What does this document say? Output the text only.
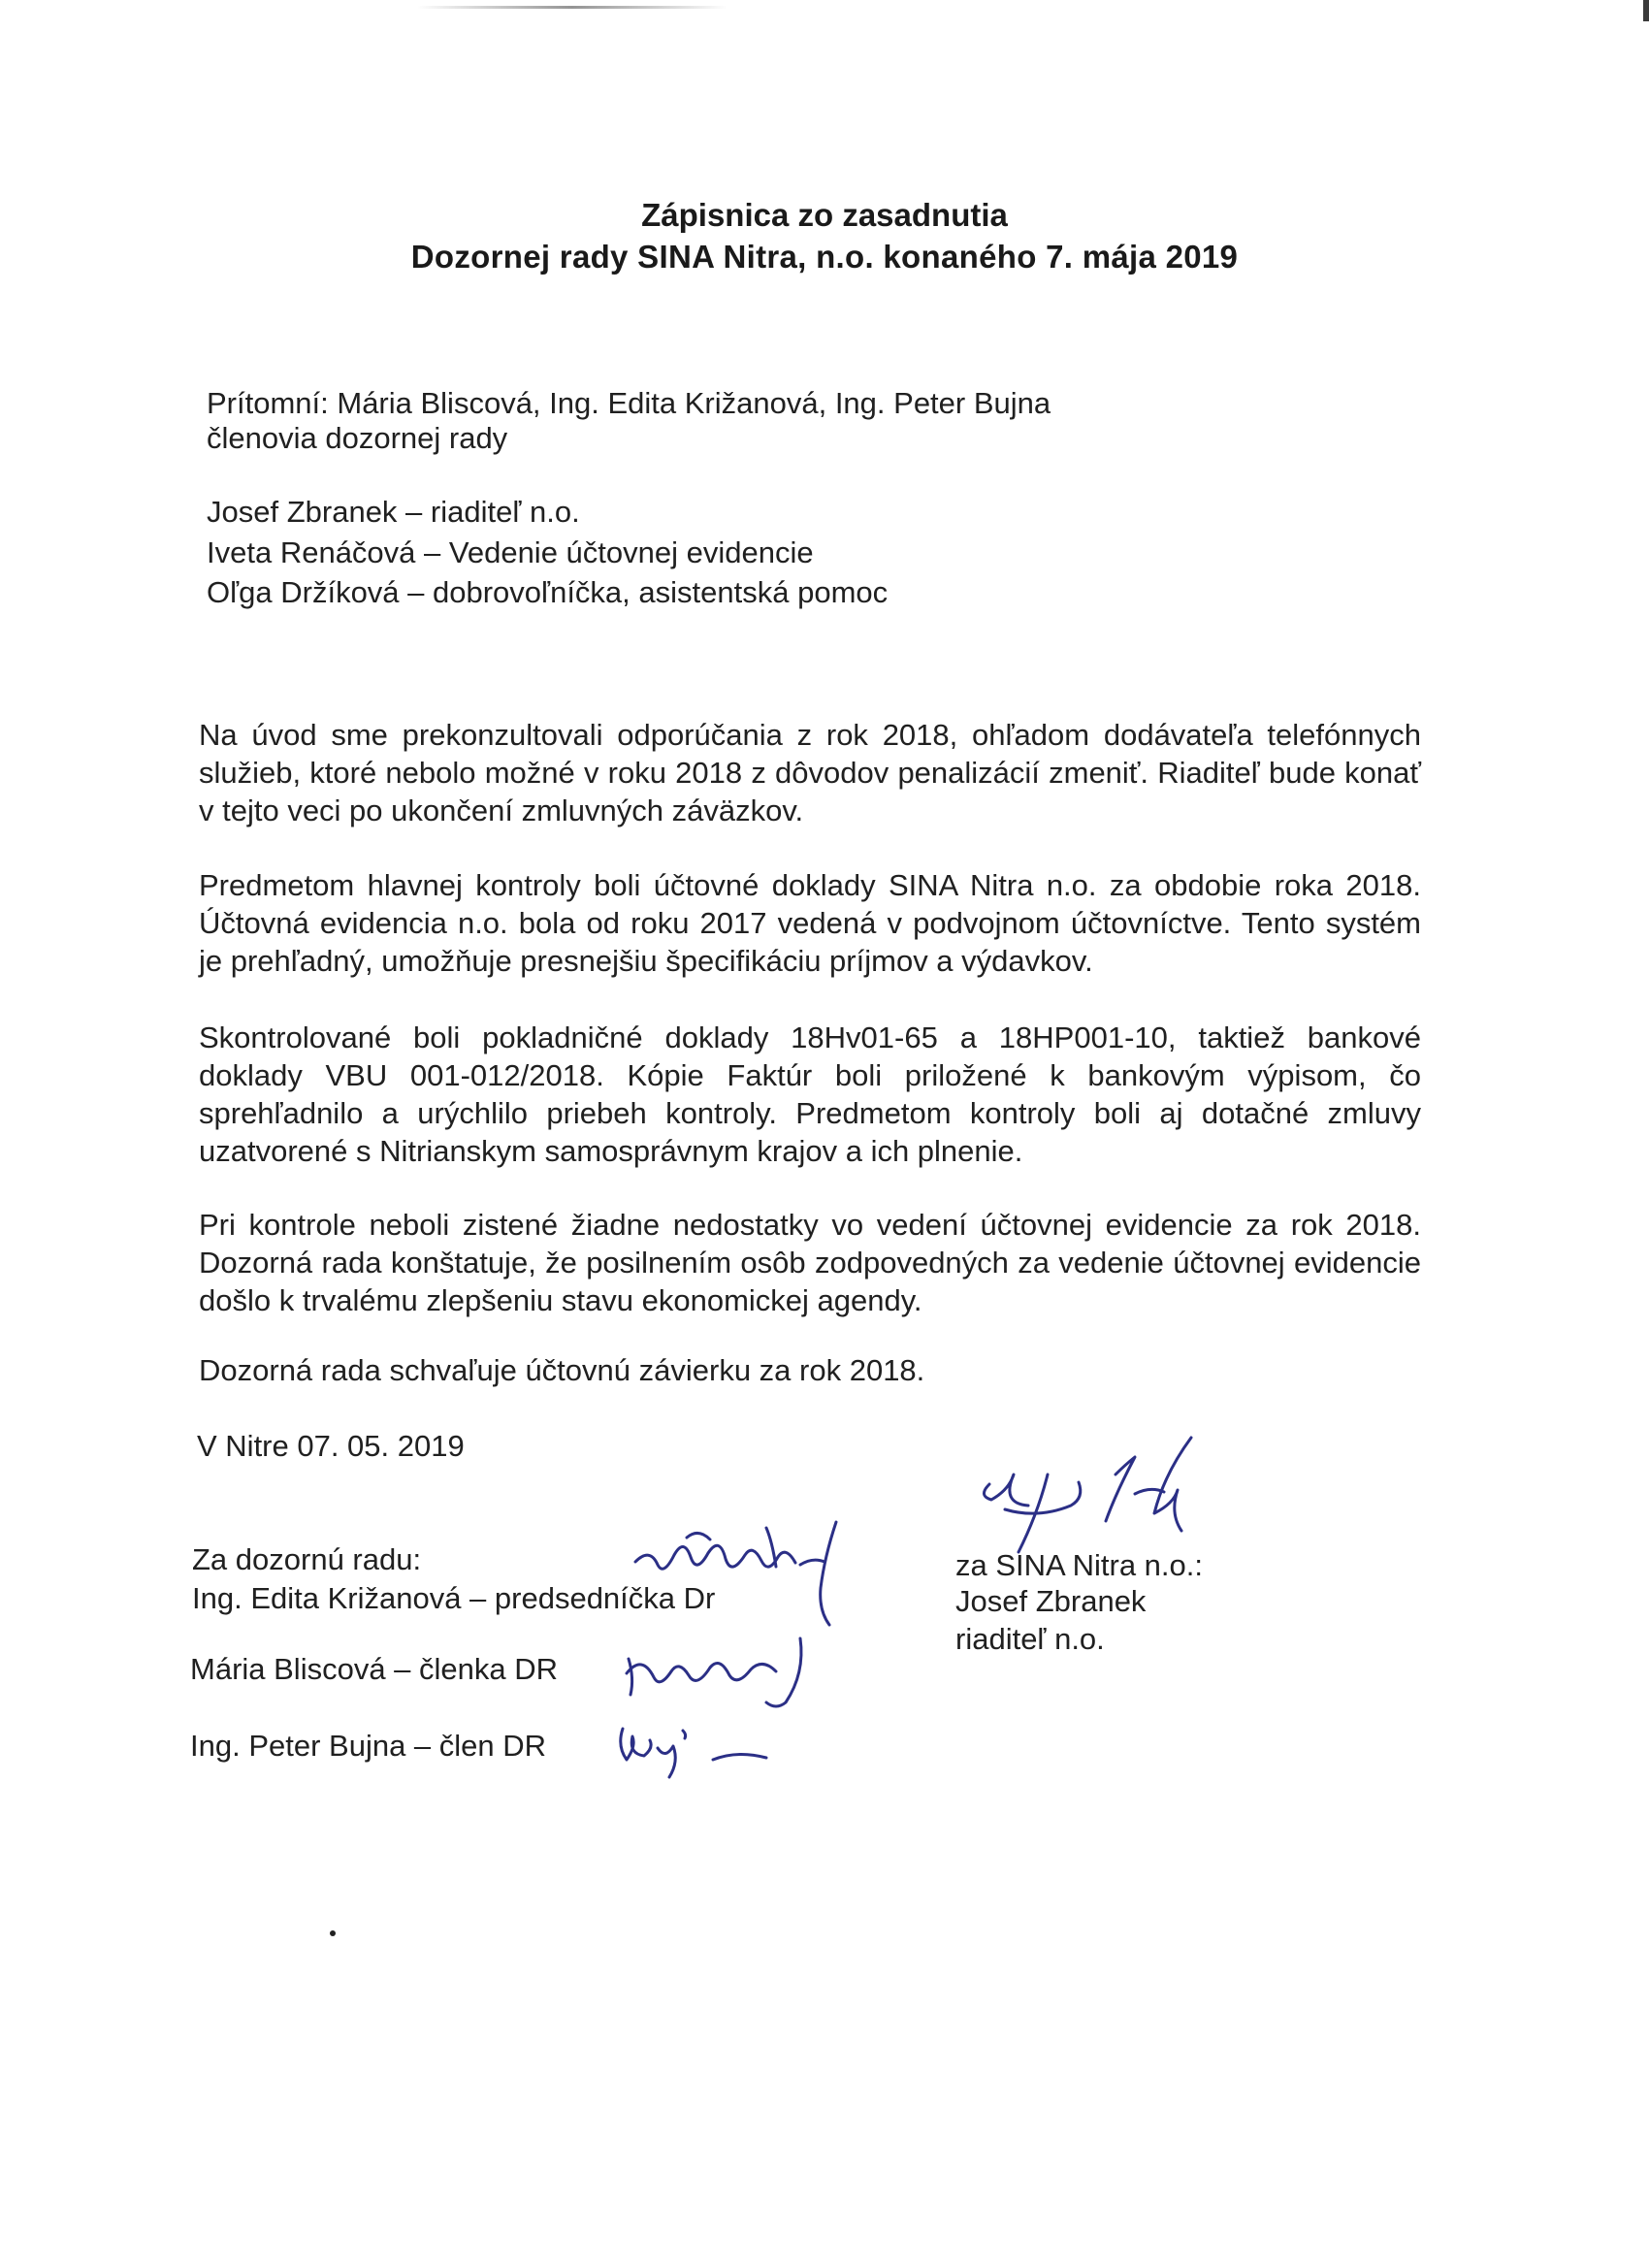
Zápisnica zo zasadnutia
Dozornej rady SINA Nitra, n.o. konaného 7. mája 2019
Prítomní: Mária Bliscová, Ing. Edita Križanová, Ing. Peter Bujna
členovia dozornej rady
Josef Zbranek – riaditeľ n.o.
Iveta Renáčová – Vedenie účtovnej evidencie
Oľga Držíková – dobrovoľníčka, asistentská pomoc
Na úvod sme prekonzultovali odporúčania z rok 2018, ohľadom dodávateľa telefónnych služieb, ktoré nebolo možné v roku 2018 z dôvodov penalizácií zmeniť. Riaditeľ bude konať v tejto veci po ukončení zmluvných záväzkov.
Predmetom hlavnej kontroly boli účtovné doklady SINA Nitra n.o. za obdobie roka 2018. Účtovná evidencia n.o. bola od roku 2017 vedená v podvojnom účtovníctve. Tento systém je prehľadný, umožňuje presnejšiu špecifikáciu príjmov a výdavkov.
Skontrolované boli pokladničné doklady 18Hv01-65 a 18HP001-10, taktiež bankové doklady VBU 001-012/2018. Kópie Faktúr boli priložené k bankovým výpisom, čo sprehľadnilo a urýchlilo priebeh kontroly. Predmetom kontroly boli aj dotačné zmluvy uzatvorené s Nitrianskym samosprávnym krajov a ich plnenie.
Pri kontrole neboli zistené žiadne nedostatky vo vedení účtovnej evidencie za rok 2018. Dozorná rada konštatuje, že posilnením osôb zodpovedných za vedenie účtovnej evidencie došlo k trvalému zlepšeniu stavu ekonomickej agendy.
Dozorná rada schvaľuje účtovnú závierku za rok 2018.
V Nitre 07. 05. 2019
Za dozornú radu:
Ing. Edita Križanová – predsedníčka Dr
Mária Bliscová – členka DR
Ing. Peter Bujna – člen DR
za SINA Nitra n.o.:
Josef Zbranek
riaditeľ n.o.
